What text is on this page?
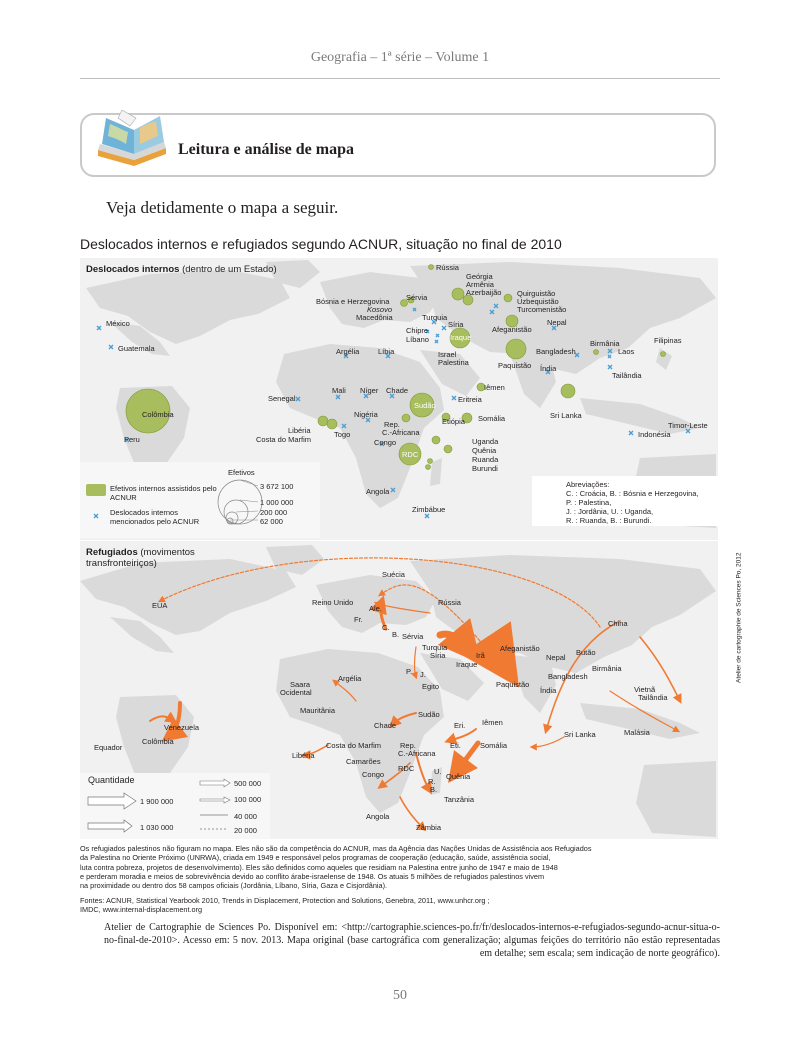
Geografia – 1ª série – Volume 1
Leitura e análise de mapa
Veja detidamente o mapa a seguir.
Deslocados internos e refugiados segundo ACNUR, situação no final de 2010
Deslocados internos (dentro de um Estado)
Efetivos
Efetivos internos assistidos pelo ACNUR
Deslocados internos mencionados pelo ACNUR
3 672 100
1 000 000
200 000
62 000
Abreviações:
C. : Croácia, B. : Bósnia e Herzegovina,
P. : Palestina,
J. : Jordânia, U. : Uganda,
R. : Ruanda, B. : Burundi.
Rússia
Geórgia
Armênia
Azerbaijão Quirguistão
Uzbequistão
Turcomenistão
Bósnia e Herzegovina Sérvia
Kosovo
Macedônia	Turquia
Síria
Chipre
Iraque
Líbano
Israel
Palestina
Afeganistão
Nepal
Paquistão Índia
Bangladesh
Birmânia
Laos
Tailândia
Filipinas
Sri Lanka
Timor-Leste
Indonésia
México
Guatemala
Colômbia
Peru
Argélia Líbia
Senegal
Mali Níger Chade
Sudão
Iêmen
Eritreia
Etiópia Somália
Nigéria
Rep.
C.-Africana
Libéria	Togo
Costa do Marfim	Congo
RDC
Uganda
Quênia
Ruanda
Burundi
Angola
Zimbábue
Refugiados (movimentos
transfronteiriços)
Quantidade
1 900 000
1 030 000
500 000
100 000
40 000
20 000
Suécia
EUA	Reino Unido
Ale.
Rússia
Fr.
C.
B. Sérvia
Turquia
Síria	Irã
Iraque
P. J.
Egito
Afeganistão
China
Butão
Nepal
Birmânia
Bangladesh
Índia
Paquistão
Vietnã
Tailândia
Saara
Ocidental
Argélia
Mauritânia	Sudão
Chade	Eri. Iêmen
Eti.	Somália
Sri Lanka	Malásia
Venezuela
Colômbia
Equador	Costa do Marfim	Rep.
C.-Africana
Libéria
Camarões
RDC	U.
Congo
R.
B.
Quênia
Tanzânia
Angola
Zâmbia
Atelier de cartographie de Sciences Po, 2012
Os refugiados palestinos não figuram no mapa. Eles não são da competência do ACNUR, mas da Agência das Nações Unidas de Assistência aos Refugiados
da Palestina no Oriente Próximo (UNRWA), criada em 1949 e responsável pelos programas de cooperação (educação, saúde, assistência social,
luta contra pobreza, projetos de desenvolvimento). Eles são definidos como aqueles que residiam na Palestina entre junho de 1947 e maio de 1948
e perderam moradia e meios de sobrevivência devido ao conflito árabe-israelense de 1948. Os atuais 5 milhões de refugiados palestinos vivem
na proximidade ou dentro dos 58 campos oficiais (Jordânia, Líbano, Síria, Gaza e Cisjordânia).
Fontes: ACNUR, Statistical Yearbook 2010, Trends in Displacement, Protection and Solutions, Genebra, 2011, www.unhcr.org ;
IMDC, www.internal-displacement.org
Atelier de Cartographie de Sciences Po. Disponível em: <http://cartographie.sciences-po.fr/fr/deslocados-internos-e-refugiados-segundo-acnur-situa-o-no-final-de-2010>. Acesso em: 5 nov. 2013. Mapa original (base cartográfica com generalização; algumas feições do território não estão representadas em detalhe; sem escala; sem indicação de norte geográfico).
50
